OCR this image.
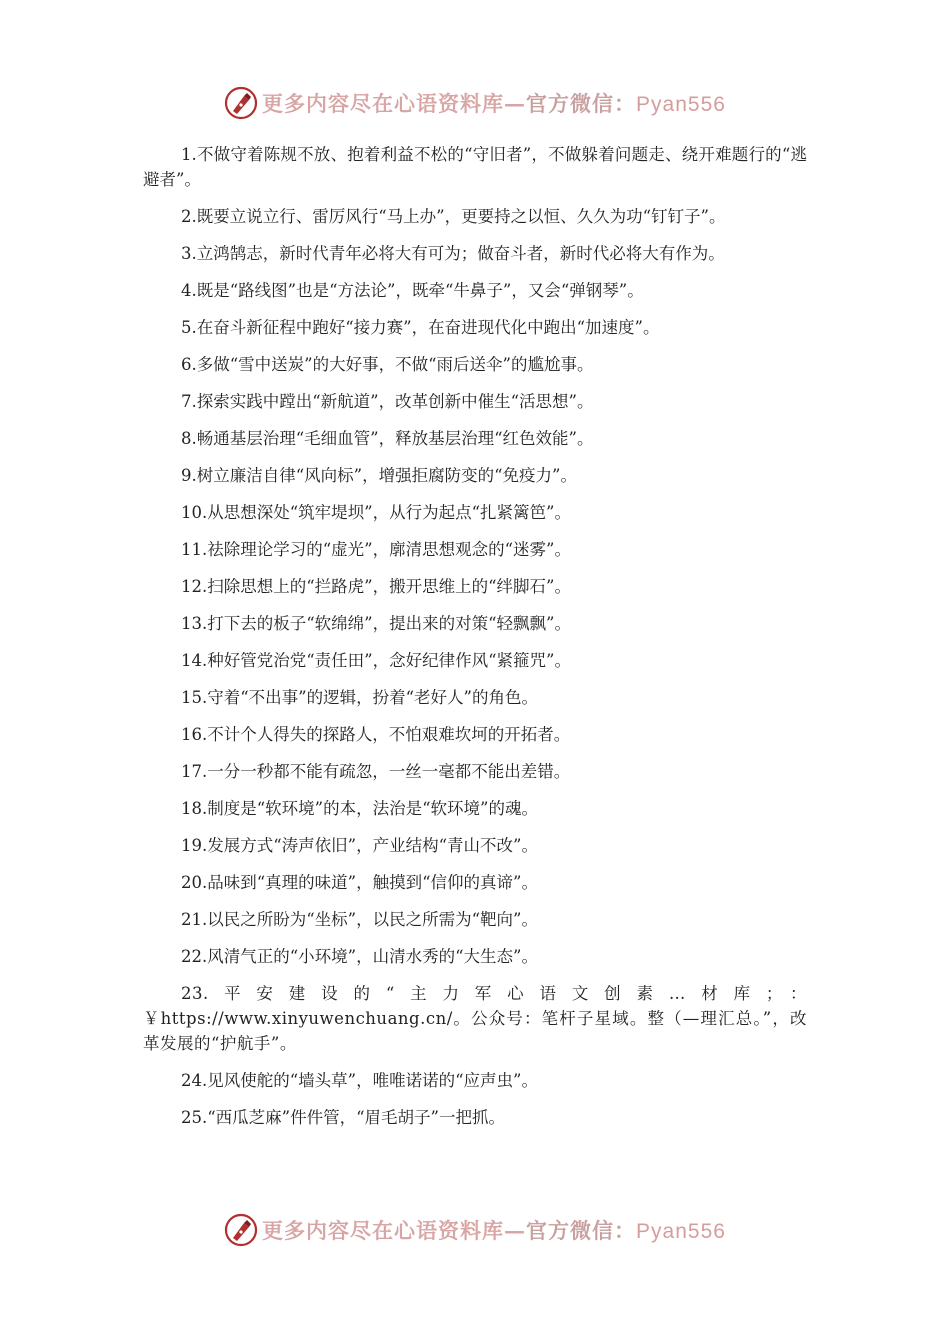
更多内容尽在心语资料库—官方微信：Pyan556

1.不做守着陈规不放、抱着利益不松的“守旧者”，不做躲着问题走、绕开难题行的“逃避者”。

2.既要立说立行、雷厉风行“马上办”，更要持之以恒、久久为功“钉钉子”。

3.立鸿鹄志，新时代青年必将大有可为；做奋斗者，新时代必将大有作为。

4.既是“路线图”也是“方法论”，既牵“牛鼻子”，又会“弹钢琴”。

5.在奋斗新征程中跑好“接力赛”，在奋进现代化中跑出“加速度”。

6.多做“雪中送炭”的大好事，不做“雨后送伞”的尴尬事。

7.探索实践中蹚出“新航道”，改革创新中催生“活思想”。

8.畅通基层治理“毛细血管”，释放基层治理“红色效能”。

9.树立廉洁自律“风向标”，增强拒腐防变的“免疫力”。

10.从思想深处“筑牢堤坝”，从行为起点“扎紧篱笆”。

11.祛除理论学习的“虚光”，廓清思想观念的“迷雾”。

12.扫除思想上的“拦路虎”，搬开思维上的“绊脚石”。

13.打下去的板子“软绵绵”，提出来的对策“轻飘飘”。

14.种好管党治党“责任田”，念好纪律作风“紧箍咒”。

15.守着“不出事”的逻辑，扮着“老好人”的角色。

16.不计个人得失的探路人，不怕艰难坎坷的开拓者。

17.一分一秒都不能有疏忽，一丝一毫都不能出差错。

18.制度是“软环境”的本，法治是“软环境”的魂。

19.发展方式“涛声依旧”，产业结构“青山不改”。

20.品味到“真理的味道”，触摸到“信仰的真谛”。

21.以民之所盼为“坐标”，以民之所需为“靶向”。

22.风清气正的“小环境”，山清水秀的“大生态”。

23.平安建设的“主力军心语文创素…材库；：￥https://www.xinyuwenchuang.cn/。公众号：笔杆子星域。整（—理汇总。”，改革发展的“护航手”。

24.见风使舵的“墙头草”，唯唯诺诺的“应声虫”。

25.“西瓜芝麻”件件管，“眉毛胡子”一把抓。

更多内容尽在心语资料库—官方微信：Pyan556
